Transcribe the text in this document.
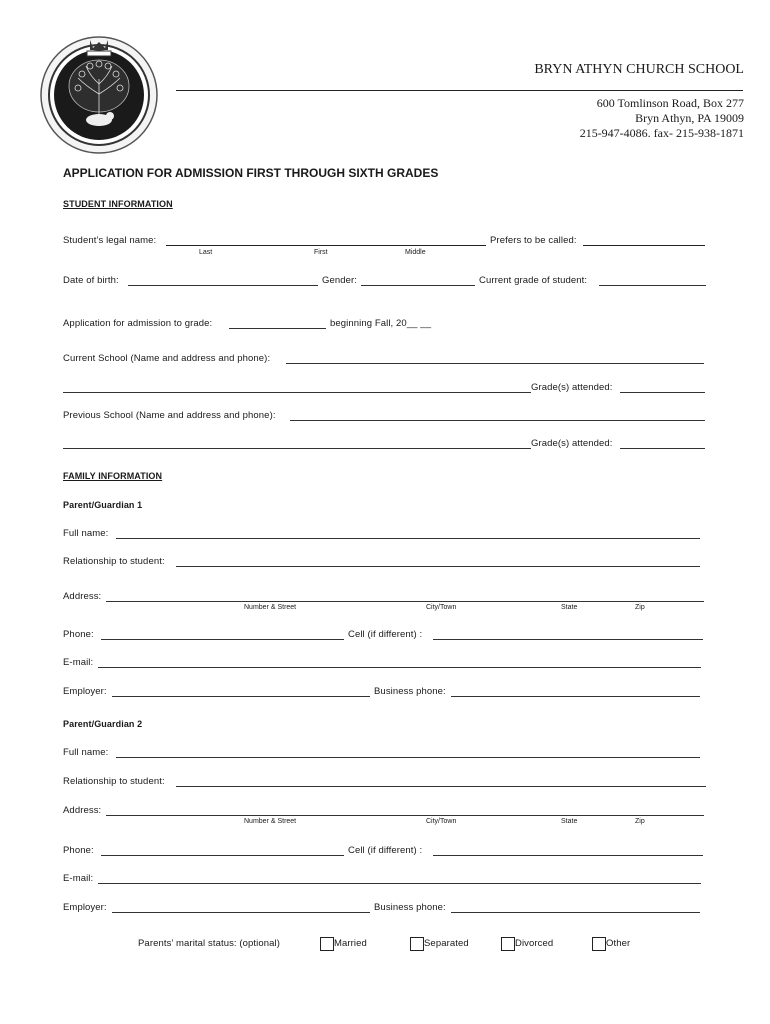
BRYN ATHYN CHURCH SCHOOL
600 Tomlinson Road, Box 277
Bryn Athyn, PA 19009
215-947-4086. fax- 215-938-1871
APPLICATION FOR ADMISSION FIRST THROUGH SIXTH GRADES
STUDENT INFORMATION
Student’s legal name:	Prefers to be called:
Last	First	Middle
Date of birth:	Gender:	Current grade of student:
Application for admission to grade:	beginning Fall, 20__ __
Current School (Name and address and phone):
Grade(s) attended:
Previous School (Name and address and phone):
Grade(s) attended:
FAMILY INFORMATION
Parent/Guardian 1
Full name:
Relationship to student:
Address:
Number & Street	City/Town	State	Zip
Phone:	Cell (if different) :
E-mail:
Employer:	Business phone:
Parent/Guardian 2
Full name:
Relationship to student:
Address:
Number & Street	City/Town	State	Zip
Phone:	Cell (if different) :
E-mail:
Employer:	Business phone:
Parents’ marital status: (optional)	Married	Separated	Divorced	Other
